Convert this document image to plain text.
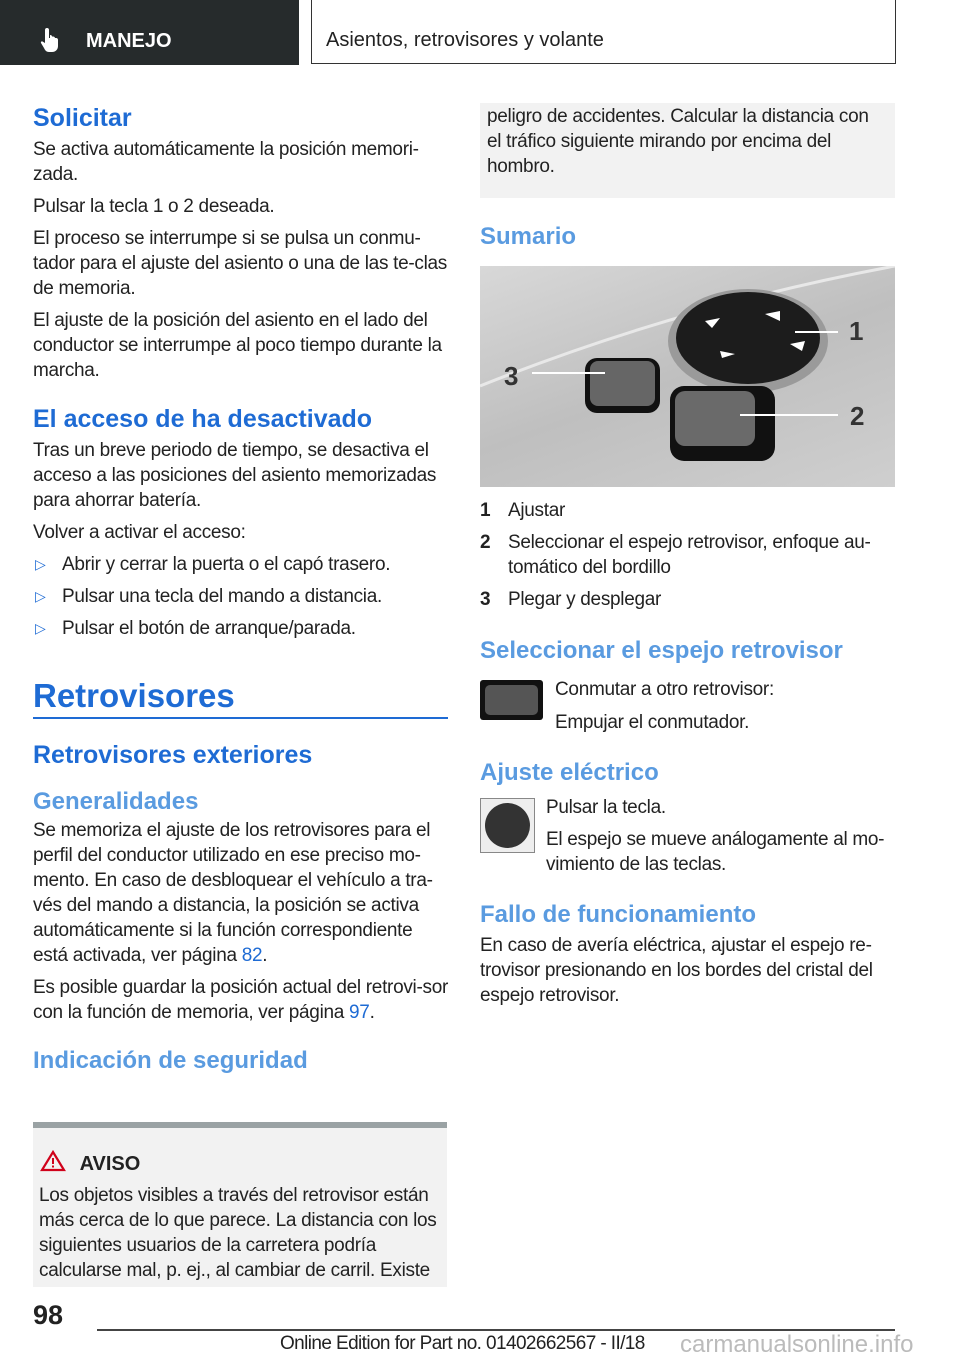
MANEJO	Asientos, retrovisores y volante
Solicitar

Se activa automáticamente la posición memori-zada.

Pulsar la tecla 1 o 2 deseada.

El proceso se interrumpe si se pulsa un conmu-tador para el ajuste del asiento o una de las te-clas de memoria.

El ajuste de la posición del asiento en el lado del conductor se interrumpe al poco tiempo durante la marcha.

El acceso de ha desactivado

Tras un breve periodo de tiempo, se desactiva el acceso a las posiciones del asiento memorizadas para ahorrar batería.

Volver a activar el acceso:

▷ Abrir y cerrar la puerta o el capó trasero.

▷ Pulsar una tecla del mando a distancia.

▷ Pulsar el botón de arranque/parada.

Retrovisores
Retrovisores exteriores
Generalidades

Se memoriza el ajuste de los retrovisores para el perfil del conductor utilizado en ese preciso mo-mento. En caso de desbloquear el vehículo a tra-vés del mando a distancia, la posición se activa automáticamente si la función correspondiente está activada, ver página 82.

Es posible guardar la posición actual del retrovi-sor con la función de memoria, ver página 97.

Indicación de seguridad
AVISO

Los objetos visibles a través del retrovisor están más cerca de lo que parece. La distancia con los siguientes usuarios de la carretera podría calcularse mal, p. ej., al cambiar de carril. Existe

peligro de accidentes. Calcular la distancia con el tráfico siguiente mirando por encima del hombro.

Sumario
3
1
2

1 Ajustar

2 Seleccionar el espejo retrovisor, enfoque au-tomático del bordillo

3 Plegar y desplegar

Seleccionar el espejo retrovisor

Conmutar a otro retrovisor:

Empujar el conmutador.

Ajuste eléctrico

Pulsar la tecla.

El espejo se mueve análogamente al mo-vimiento de las teclas.

Fallo de funcionamiento

En caso de avería eléctrica, ajustar el espejo re-trovisor presionando en los bordes del cristal del espejo retrovisor.

98
Online Edition for Part no. 01402662567 - II/18 carmanualsonline.info
